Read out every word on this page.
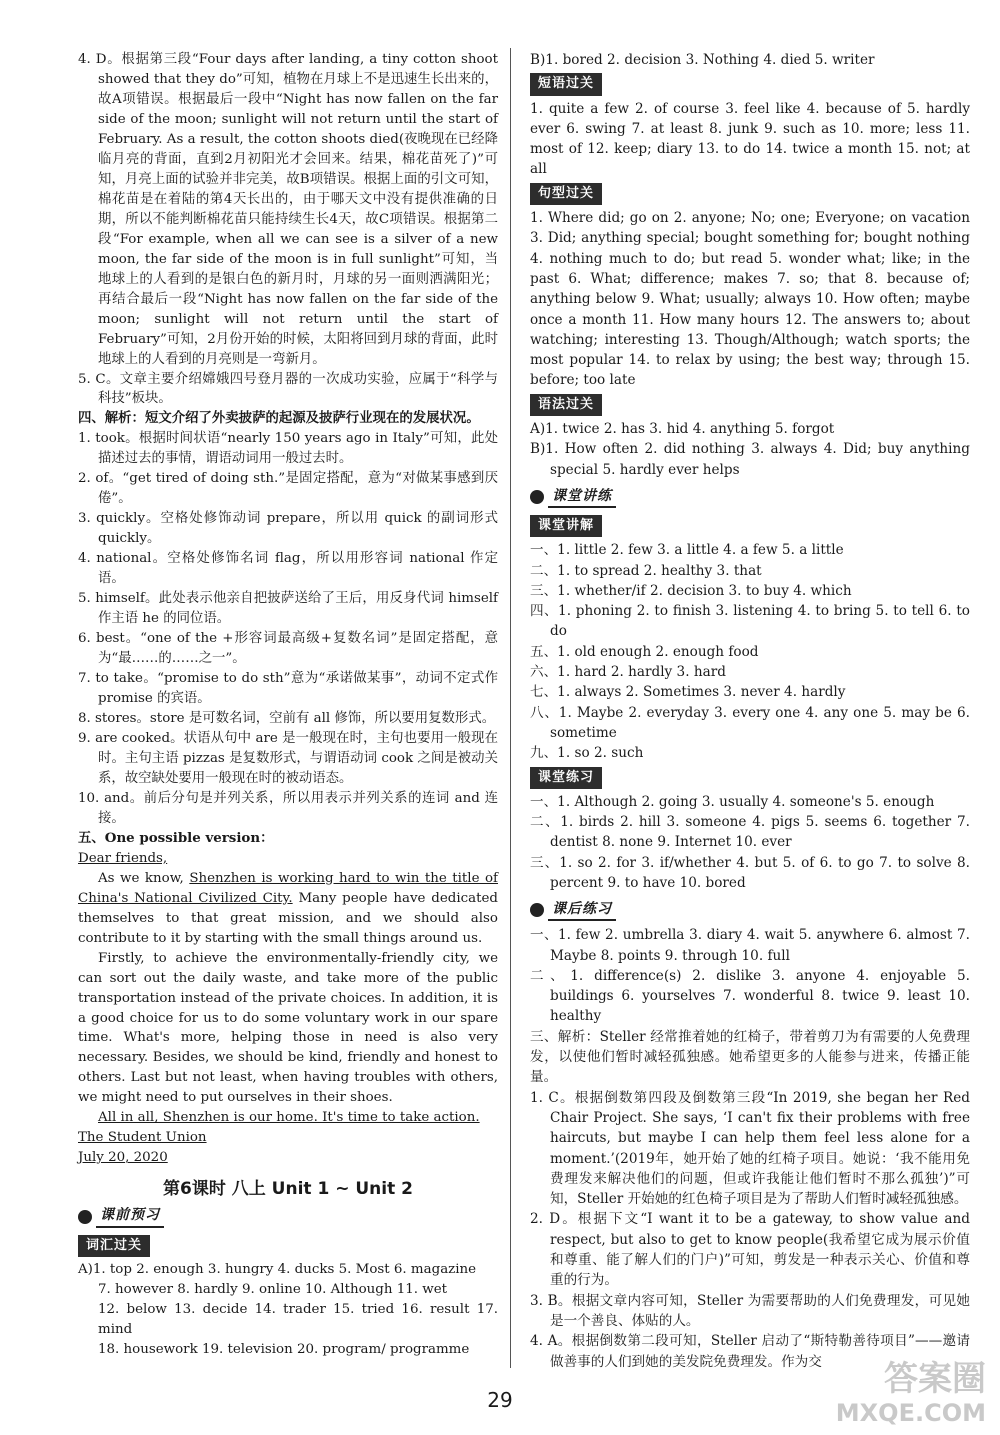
4. D。根据第三段“Four days after landing, a tiny cotton shoot showed that they do”可知，植物在月球上不是迅速生长出来的，故A项错误。根据最后一段中“Night has now fallen on the far side of the moon; sunlight will not return until the start of February. As a result, the cotton shoots died(夜晚现在已经降临月亮的背面，直到2月初阳光才会回来。结果，棉花苗死了)”可知，月亮上面的试验并非完美，故B项错误。根据上面的引文可知，棉花苗是在着陆的第4天长出的，由于哪天文中没有提供准确的日期，所以不能判断棉花苗只能持续生长4天，故C项错误。根据第二段“For example, when all we can see is a silver of a new moon, the far side of the moon is in full sunlight”可知，当地球上的人看到的是银白色的新月时，月球的另一面则洒满阳光；再结合最后一段“Night has now fallen on the far side of the moon; sunlight will not return until the start of February”可知，2月份开始的时候，太阳将回到月球的背面，此时地球上的人看到的月亮则是一弯新月。

5. C。文章主要介绍嫦娥四号登月器的一次成功实验，应属于“科学与科技”板块。

四、解析：短文介绍了外卖披萨的起源及披萨行业现在的发展状况。

1. took。根据时间状语“nearly 150 years ago in Italy”可知，此处描述过去的事情，谓语动词用一般过去时。

2. of。“get tired of doing sth.”是固定搭配，意为“对做某事感到厌倦”。

3. quickly。空格处修饰动词 prepare，所以用 quick 的副词形式 quickly。

4. national。空格处修饰名词 flag，所以用形容词 national 作定语。

5. himself。此处表示他亲自把披萨送给了王后，用反身代词 himself 作主语 he 的同位语。

6. best。“one of the +形容词最高级+复数名词”是固定搭配，意为“最……的……之一”。

7. to take。“promise to do sth”意为“承诺做某事”，动词不定式作 promise 的宾语。

8. stores。store 是可数名词，空前有 all 修饰，所以要用复数形式。

9. are cooked。状语从句中 are 是一般现在时，主句也要用一般现在时。主句主语 pizzas 是复数形式，与谓语动词 cook 之间是被动关系，故空缺处要用一般现在时的被动语态。

10. and。前后分句是并列关系，所以用表示并列关系的连词 and 连接。

五、One possible version：

Dear friends,

As we know, Shenzhen is working hard to win the title of China's National Civilized City. Many people have dedicated themselves to that great mission, and we should also contribute to it by starting with the small things around us.

Firstly, to achieve the environmentally-friendly city, we can sort out the daily waste, and take more of the public transportation instead of the private choices. In addition, it is a good choice for us to do some voluntary work in our spare time. What's more, helping those in need is also very necessary. Besides, we should be kind, friendly and honest to others. Last but not least, when having troubles with others, we might need to put ourselves in their shoes.

All in all, Shenzhen is our home. It's time to take action.

The Student Union

July 20, 2020

第6课时 八上 Unit 1 ~ Unit 2
课前预习
词汇过关

A)1. top 2. enough 3. hungry 4. ducks 5. Most 6. magazine

7. however 8. hardly 9. online 10. Although 11. wet

12. below 13. decide 14. trader 15. tried 16. result 17. mind

18. housework 19. television 20. program/ programme

B)1. bored 2. decision 3. Nothing 4. died 5. writer

短语过关

1. quite a few 2. of course 3. feel like 4. because of 5. hardly ever 6. swing 7. at least 8. junk 9. such as 10. more; less 11. most of 12. keep; diary 13. to do 14. twice a month 15. not; at all

句型过关

1. Where did; go on 2. anyone; No; one; Everyone; on vacation 3. Did; anything special; bought something for; bought nothing 4. nothing much to do; but read 5. wonder what; like; in the past 6. What; difference; makes 7. so; that 8. because of; anything below 9. What; usually; always 10. How often; maybe once a month 11. How many hours 12. The answers to; about watching; interesting 13. Though/Although; watch sports; the most popular 14. to relax by using; the best way; through 15. before; too late

语法过关

A)1. twice 2. has 3. hid 4. anything 5. forgot

B)1. How often 2. did nothing 3. always 4. Did; buy anything special 5. hardly ever helps

课堂讲练
课堂讲解

一、1. little 2. few 3. a little 4. a few 5. a little

二、1. to spread 2. healthy 3. that

三、1. whether/if 2. decision 3. to buy 4. which

四、1. phoning 2. to finish 3. listening 4. to bring 5. to tell 6. to do

五、1. old enough 2. enough food

六、1. hard 2. hardly 3. hard

七、1. always 2. Sometimes 3. never 4. hardly

八、1. Maybe 2. everyday 3. every one 4. any one 5. may be 6. sometime

九、1. so 2. such

课堂练习

一、1. Although 2. going 3. usually 4. someone's 5. enough

二、1. birds 2. hill 3. someone 4. pigs 5. seems 6. together 7. dentist 8. none 9. Internet 10. ever

三、1. so 2. for 3. if/whether 4. but 5. of 6. to go 7. to solve 8. percent 9. to have 10. bored

课后练习

一、1. few 2. umbrella 3. diary 4. wait 5. anywhere 6. almost 7. Maybe 8. points 9. through 10. full

二、1. difference(s) 2. dislike 3. anyone 4. enjoyable 5. buildings 6. yourselves 7. wonderful 8. twice 9. least 10. healthy

三、解析：Steller 经常推着她的红椅子，带着剪刀为有需要的人免费理发，以使他们暂时减轻孤独感。她希望更多的人能参与进来，传播正能量。

1. C。根据倒数第四段及倒数第三段“In 2019, she began her Red Chair Project. She says, ‘I can't fix their problems with free haircuts, but maybe I can help them feel less alone for a moment.’(2019年，她开始了她的红椅子项目。她说：‘我不能用免费理发来解决他们的问题，但或许我能让他们暂时不那么孤独’)”可知，Steller 开始她的红色椅子项目是为了帮助人们暂时减轻孤独感。

2. D。根据下文“I want it to be a gateway, to show value and respect, but also to get to know people(我希望它成为展示价值和尊重、能了解人们的门户)”可知，剪发是一种表示关心、价值和尊重的行为。

3. B。根据文章内容可知，Steller 为需要帮助的人们免费理发，可见她是一个善良、体贴的人。

4. A。根据倒数第二段可知，Steller 启动了“斯特勒善待项目”——邀请做善事的人们到她的美发院免费理发。作为交

29
答案圈
MXQE.COM
